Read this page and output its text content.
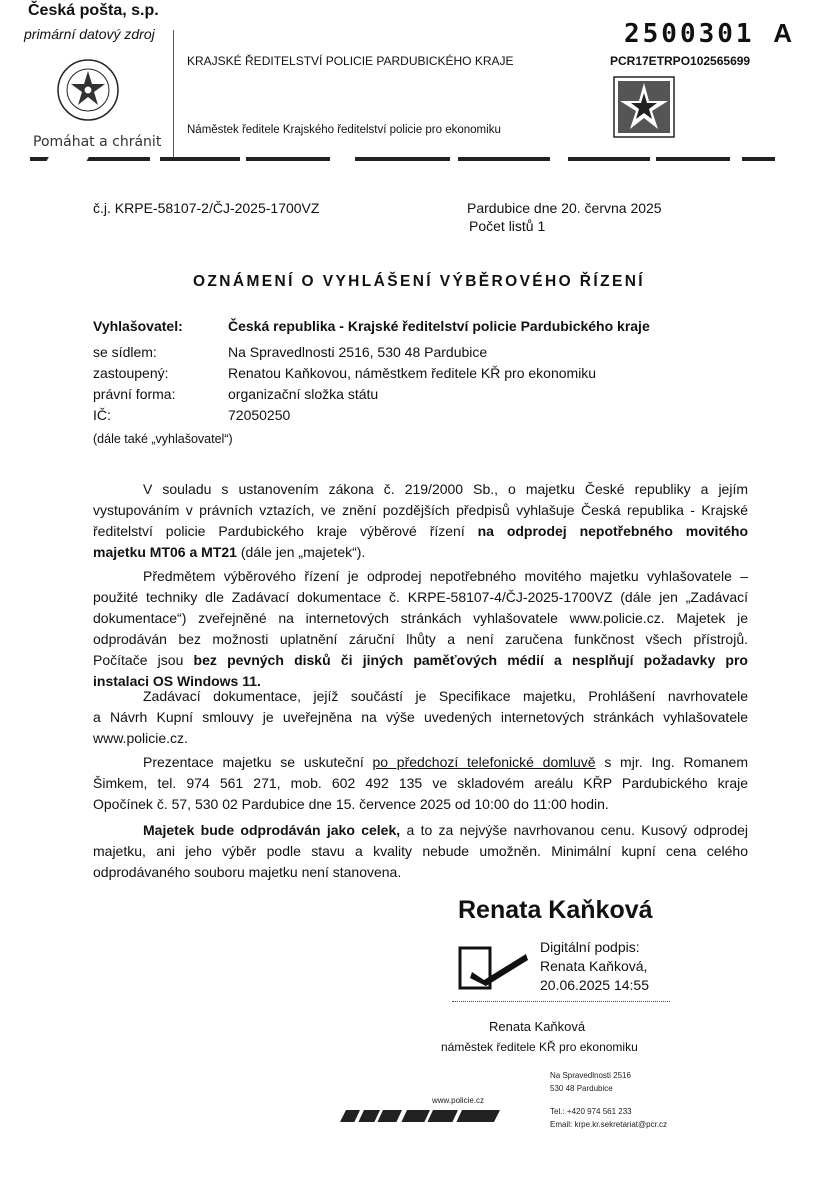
Česká pošta, s.p.
primární datový zdroj
Pomáhat a chránit
KRAJSKÉ ŘEDITELSTVÍ POLICIE PARDUBICKÉHO KRAJE
Náměstek ředitele Krajského ředitelství policie pro ekonomiku
2500301 A
PCR17ETRPO102565699
č.j. KRPE-58107-2/ČJ-2025-1700VZ	Pardubice dne 20. června 2025
Počet listů 1
OZNÁMENÍ O VYHLÁŠENÍ VÝBĚROVÉHO ŘÍZENÍ
Vyhlašovatel:	Česká republika - Krajské ředitelství policie Pardubického kraje
se sídlem:	Na Spravedlnosti 2516, 530 48 Pardubice
zastoupený:	Renatou Kaňkovou, náměstkem ředitele KŘ pro ekonomiku
právní forma:	organizační složka státu
IČ:	72050250
(dále také „vyhlašovatel“)
V souladu s ustanovením zákona č. 219/2000 Sb., o majetku České republiky a jejím
vystupováním v právních vztazích, ve znění pozdějších předpisů vyhlašuje Česká republika - Krajské
ředitelství policie Pardubického kraje výběrové řízení na odprodej nepotřebného movitého
majetku MT06 a MT21 (dále jen „majetek“).
Předmětem výběrového řízení je odprodej nepotřebného movitého majetku vyhlašovatele –
použité techniky dle Zadávací dokumentace č. KRPE-58107-4/ČJ-2025-1700VZ (dále jen „Zadávací
dokumentace“) zveřejněné na internetových stránkách vyhlašovatele www.policie.cz. Majetek je
odprodáván bez možnosti uplatnění záruční lhůty a není zaručena funkčnost všech přístrojů.
Počítače jsou bez pevných disků či jiných paměťových médií a nesplňují požadavky pro
instalaci OS Windows 11.
Zadávací dokumentace, jejíž součástí je Specifikace majetku, Prohlášení navrhovatele
a Návrh Kupní smlouvy je uveřejněna na výše uvedených internetových stránkách vyhlašovatele
www.policie.cz.
Prezentace majetku se uskuteční po předchozí telefonické domluvě s mjr. Ing. Romanem
Šimkem, tel. 974 561 271, mob. 602 492 135 ve skladovém areálu KŘP Pardubického kraje
Opočínek č. 57, 530 02 Pardubice dne 15. července 2025 od 10:00 do 11:00 hodin.
Majetek bude odprodáván jako celek, a to za nejvýše navrhovanou cenu. Kusový odprodej
majetku, ani jeho výběr podle stavu a kvality nebude umožněn. Minimální kupní cena celého
odprodávaného souboru majetku není stanovena.
Renata Kaňková
Digitální podpis:
Renata Kaňková,
20.06.2025 14:55
Renata Kaňková
náměstek ředitele KŘ pro ekonomiku
Na Spravedlnosti 2516
530 48 Pardubice
www.policie.cz
Tel.: +420 974 561 233
Email: krpe.kr.sekretariat@pcr.cz
